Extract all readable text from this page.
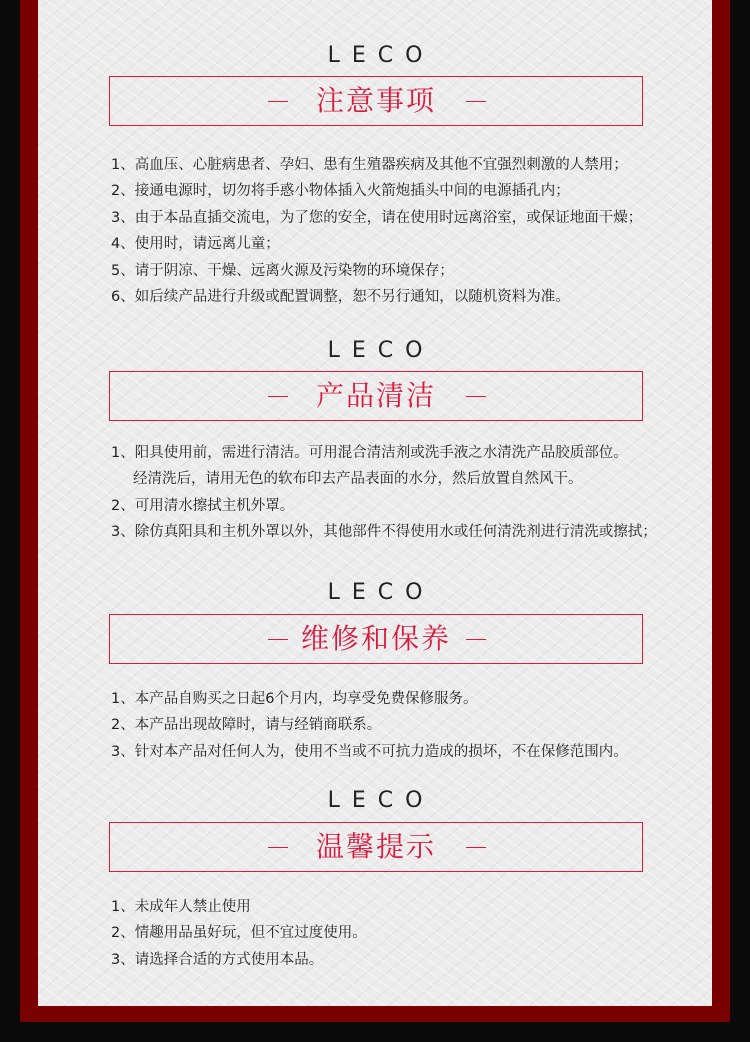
LECO
注意事项
1、高血压、心脏病患者、孕妇、患有生殖器疾病及其他不宜强烈刺激的人禁用；
2、接通电源时，切勿将手惑小物体插入火箭炮插头中间的电源插孔内；
3、由于本品直插交流电，为了您的安全，请在使用时远离浴室，或保证地面干燥；
4、使用时，请远离儿童；
5、请于阴凉、干燥、远离火源及污染物的环境保存；
6、如后续产品进行升级或配置调整，恕不另行通知，以随机资料为准。
LECO
产品清洁
1、阳具使用前，需进行清洁。可用混合清洁剂或洗手液之水清洗产品胶质部位。
经清洗后，请用无色的软布印去产品表面的水分，然后放置自然风干。
2、可用清水擦拭主机外罩。
3、除仿真阳具和主机外罩以外，其他部件不得使用水或任何清洗剂进行清洗或擦拭；
LECO
维修和保养
1、本产品自购买之日起6个月内，均享受免费保修服务。
2、本产品出现故障时，请与经销商联系。
3、针对本产品对任何人为，使用不当或不可抗力造成的损坏，不在保修范围内。
LECO
温馨提示
1、未成年人禁止使用
2、情趣用品虽好玩，但不宜过度使用。
3、请选择合适的方式使用本品。
